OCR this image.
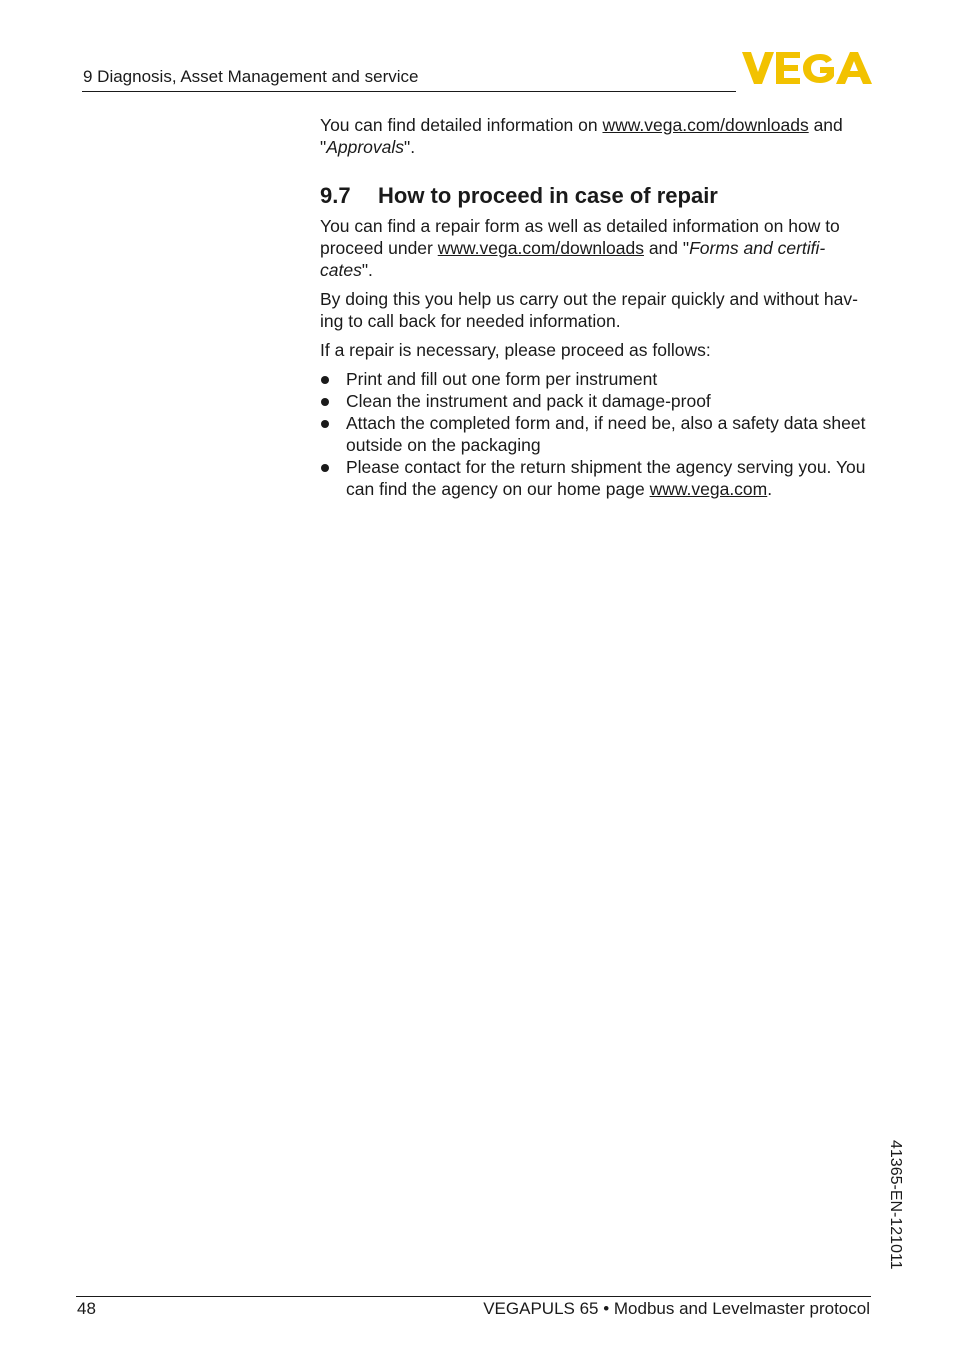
9 Diagnosis, Asset Management and service

You can find detailed information on www.vega.com/downloads and "Approvals".

9.7	How to proceed in case of repair

You can find a repair form as well as detailed information on how to proceed under www.vega.com/downloads and "Forms and certifi-cates".

By doing this you help us carry out the repair quickly and without hav-ing to call back for needed information.

If a repair is necessary, please proceed as follows:

Print and fill out one form per instrument
Clean the instrument and pack it damage-proof
Attach the completed form and, if need be, also a safety data sheet outside on the packaging
Please contact for the return shipment the agency serving you. You can find the agency on our home page www.vega.com.
41365-EN-121011
48	VEGAPULS 65 • Modbus and Levelmaster protocol
